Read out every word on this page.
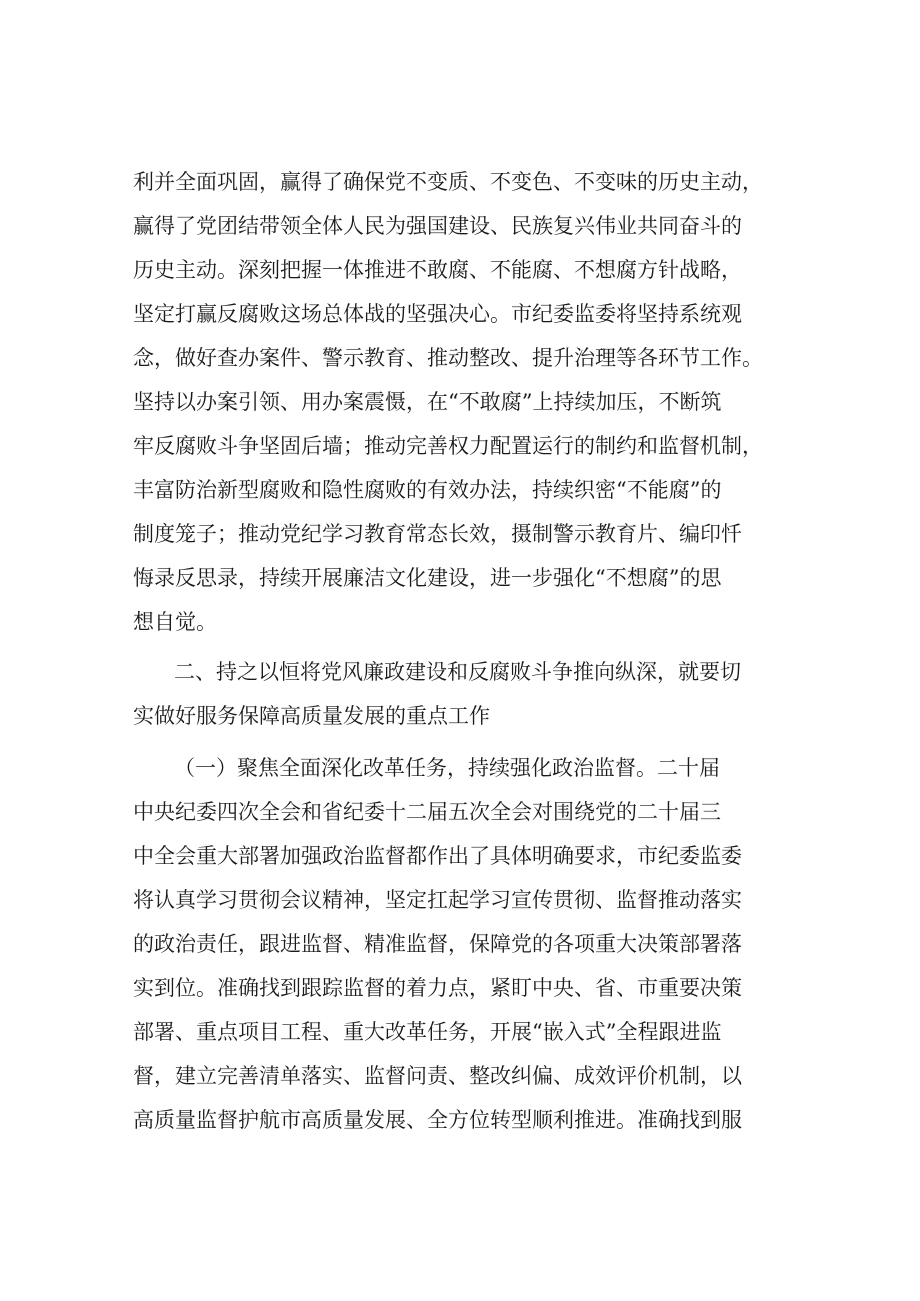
利并全面巩固，赢得了确保党不变质、不变色、不变味的历史主动，
赢得了党团结带领全体人民为强国建设、民族复兴伟业共同奋斗的
历史主动。深刻把握一体推进不敢腐、不能腐、不想腐方针战略，
坚定打赢反腐败这场总体战的坚强决心。市纪委监委将坚持系统观
念，做好查办案件、警示教育、推动整改、提升治理等各环节工作。
坚持以办案引领、用办案震慑，在“不敢腐”上持续加压，不断筑
牢反腐败斗争坚固后墙；推动完善权力配置运行的制约和监督机制，
丰富防治新型腐败和隐性腐败的有效办法，持续织密“不能腐”的
制度笼子；推动党纪学习教育常态长效，摄制警示教育片、编印忏
悔录反思录，持续开展廉洁文化建设，进一步强化“不想腐”的思
想自觉。
二、持之以恒将党风廉政建设和反腐败斗争推向纵深，就要切
实做好服务保障高质量发展的重点工作
（一）聚焦全面深化改革任务，持续强化政治监督。二十届
中央纪委四次全会和省纪委十二届五次全会对围绕党的二十届三
中全会重大部署加强政治监督都作出了具体明确要求，市纪委监委
将认真学习贯彻会议精神，坚定扛起学习宣传贯彻、监督推动落实
的政治责任，跟进监督、精准监督，保障党的各项重大决策部署落
实到位。准确找到跟踪监督的着力点，紧盯中央、省、市重要决策
部署、重点项目工程、重大改革任务，开展“嵌入式”全程跟进监
督，建立完善清单落实、监督问责、整改纠偏、成效评价机制，以
高质量监督护航市高质量发展、全方位转型顺利推进。准确找到服
